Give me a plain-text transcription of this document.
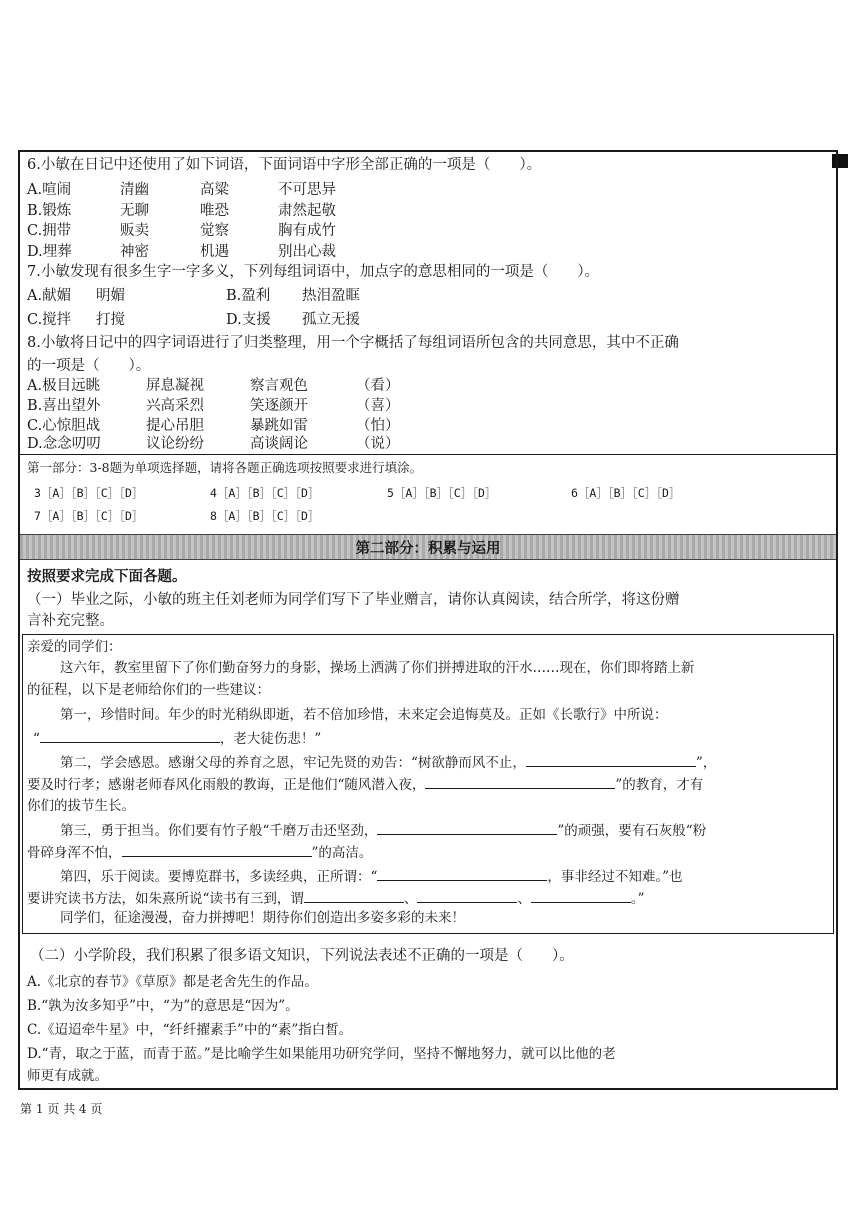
6.小敏在日记中还使用了如下词语，下面词语中字形全部正确的一项是（　　）。
A.喧闹	清幽	高粱	不可思异
B.锻炼	无聊	唯恐	肃然起敬
C.拥带	贩卖	觉察	胸有成竹
D.埋葬	神密	机遇	别出心裁
7.小敏发现有很多生字一字多义，下列每组词语中，加点字的意思相同的一项是（　　）。
A.献媚 明媚	B.盈利 热泪盈眶
C.搅拌 打搅	D.支援 孤立无援
8.小敏将日记中的四字词语进行了归类整理，用一个字概括了每组词语所包含的共同意思，其中不正确
的一项是（　　）。
A.极目远眺	屏息凝视	察言观色	（看）
B.喜出望外	兴高采烈	笑逐颜开	（喜）
C.心惊胆战	提心吊胆	暴跳如雷	（怕）
D.念念叨叨	议论纷纷	高谈阔论	（说）
第一部分：3-8题为单项选择题，请将各题正确选项按照要求进行填涂。
3［A］［B］［C］［D］	4［A］［B］［C］［D］	5［A］［B］［C］［D］	6［A］［B］［C］［D］
7［A］［B］［C］［D］	8［A］［B］［C］［D］
第二部分：积累与运用
按照要求完成下面各题。
（一）毕业之际，小敏的班主任刘老师为同学们写下了毕业赠言，请你认真阅读，结合所学，将这份赠
言补充完整。
亲爱的同学们：
这六年，教室里留下了你们勤奋努力的身影，操场上洒满了你们拼搏进取的汗水……现在，你们即将踏上新
的征程，以下是老师给你们的一些建议：
第一，珍惜时间。年少的时光稍纵即逝，若不倍加珍惜，未来定会追悔莫及。正如《长歌行》中所说：
“	，老大徒伤悲！”
第二，学会感恩。感谢父母的养育之恩，牢记先贤的劝告：“树欲静而风不止，	”，
要及时行孝；感谢老师春风化雨般的教诲，正是他们“随风潜入夜，	”的教育，才有
你们的拔节生长。
第三，勇于担当。你们要有竹子般“千磨万击还坚劲，	”的顽强，要有石灰般“粉
骨碎身浑不怕，	”的高洁。
第四，乐于阅读。要博览群书，多读经典，正所谓：“	，事非经过不知难。”也
要讲究读书方法，如朱熹所说“读书有三到，谓	、	、	。”
同学们，征途漫漫，奋力拼搏吧！期待你们创造出多姿多彩的未来！
（二）小学阶段，我们积累了很多语文知识，下列说法表述不正确的一项是（　　）。
A.《北京的春节》《草原》都是老舍先生的作品。
B.“孰为汝多知乎”中，“为”的意思是“因为”。
C.《迢迢牵牛星》中，“纤纤擢素手”中的“素”指白皙。
D.“青，取之于蓝，而青于蓝。”是比喻学生如果能用功研究学问，坚持不懈地努力，就可以比他的老
师更有成就。
第 1 页 共 4 页
